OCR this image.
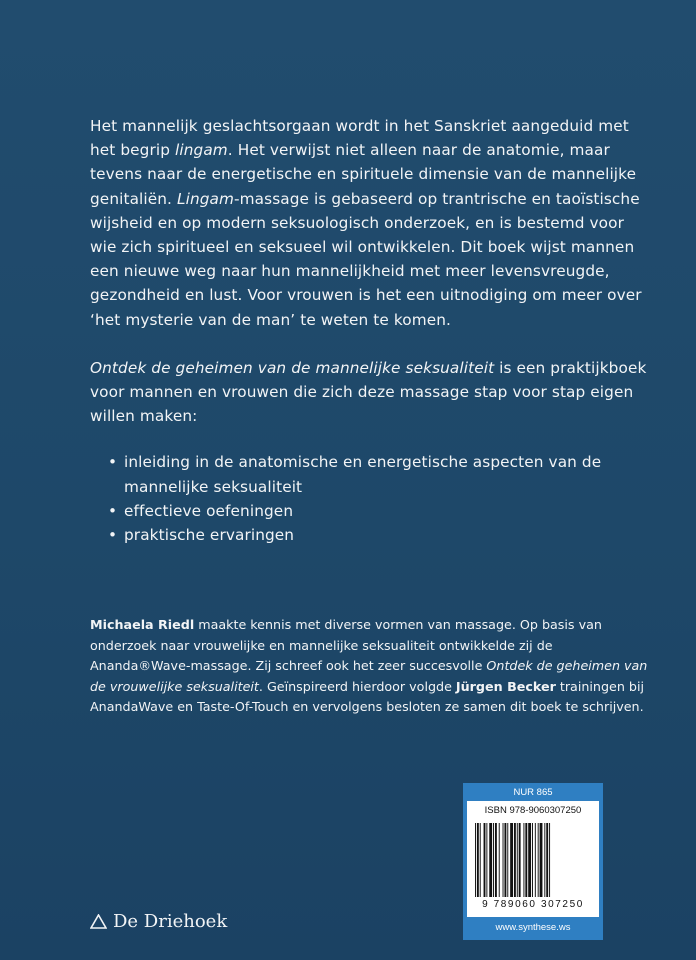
Het mannelijk geslachtsorgaan wordt in het Sanskriet aangeduid met het begrip lingam. Het verwijst niet alleen naar de anatomie, maar tevens naar de energetische en spirituele dimensie van de mannelijke genitaliën. Lingam-massage is gebaseerd op trantrische en taoïstische wijsheid en op modern seksuologisch onderzoek, en is bestemd voor wie zich spiritueel en seksueel wil ontwikkelen. Dit boek wijst mannen een nieuwe weg naar hun mannelijkheid met meer levensvreugde, gezondheid en lust. Voor vrouwen is het een uitnodiging om meer over ‘het mysterie van de man’ te weten te komen.

Ontdek de geheimen van de mannelijke seksualiteit is een praktijkboek voor mannen en vrouwen die zich deze massage stap voor stap eigen willen maken:

• inleiding in de anatomische en energetische aspecten van de mannelijke seksualiteit
• effectieve oefeningen
• praktische ervaringen

Michaela Riedl maakte kennis met diverse vormen van massage. Op basis van onderzoek naar vrouwelijke en mannelijke seksualiteit ontwikkelde zij de Ananda®Wave-massage. Zij schreef ook het zeer succesvolle Ontdek de geheimen van de vrouwelijke seksualiteit. Geïnspireerd hierdoor volgde Jürgen Becker trainingen bij AnandaWave en Taste-Of-Touch en vervolgens besloten ze samen dit boek te schrijven.

NUR 865
ISBN 978-9060307250
9 789060 307250
www.synthese.ws
De Driehoek
